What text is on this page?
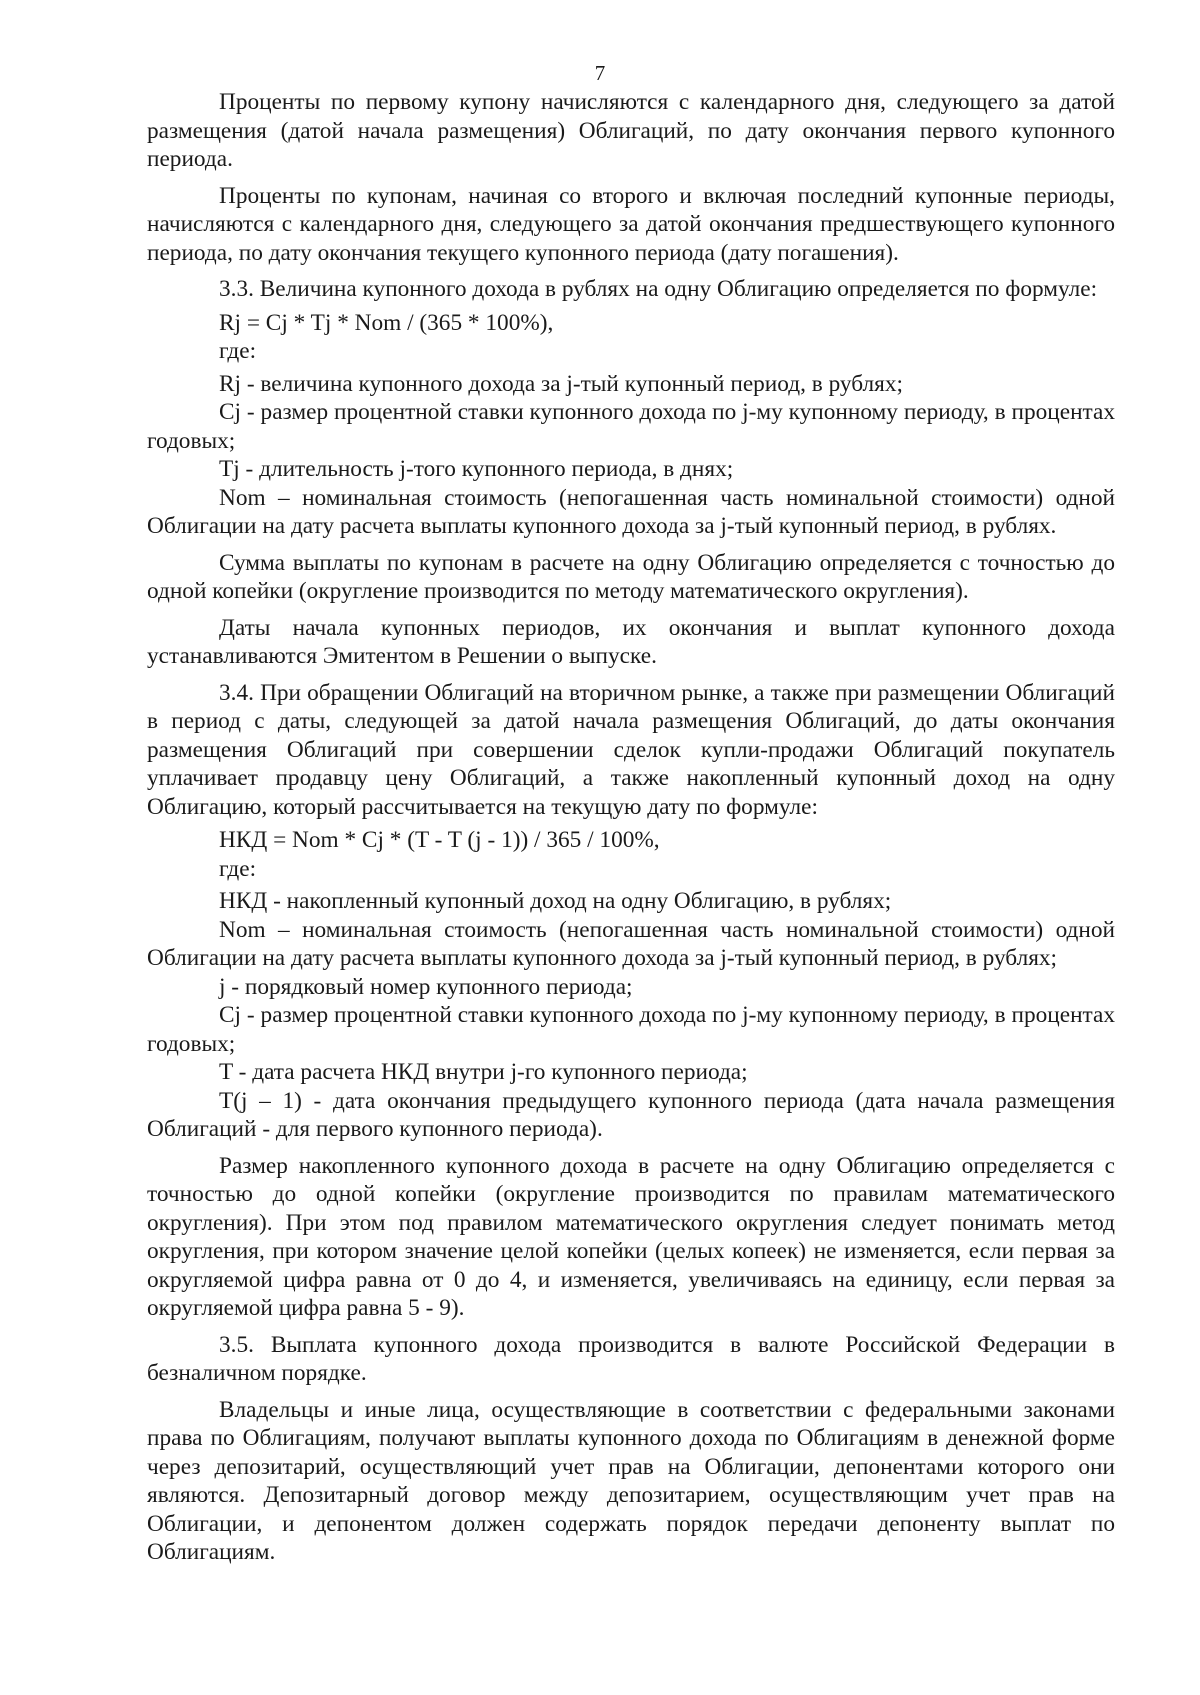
7

Проценты по первому купону начисляются с календарного дня, следующего за датой размещения (датой начала размещения) Облигаций, по дату окончания первого купонного периода.

Проценты по купонам, начиная со второго и включая последний купонные периоды, начисляются с календарного дня, следующего за датой окончания предшествующего купонного периода, по дату окончания текущего купонного периода (дату погашения).

3.3. Величина купонного дохода в рублях на одну Облигацию определяется по формуле:

Rj = Cj * Tj * Nom / (365 * 100%),

где:

Rj - величина купонного дохода за j-тый купонный период, в рублях;

Cj - размер процентной ставки купонного дохода по j-му купонному периоду, в процентах годовых;

Tj - длительность j-того купонного периода, в днях;

Nom – номинальная стоимость (непогашенная часть номинальной стоимости) одной Облигации на дату расчета выплаты купонного дохода за j-тый купонный период, в рублях.

Сумма выплаты по купонам в расчете на одну Облигацию определяется с точностью до одной копейки (округление производится по методу математического округления).

Даты начала купонных периодов, их окончания и выплат купонного дохода устанавливаются Эмитентом в Решении о выпуске.

3.4. При обращении Облигаций на вторичном рынке, а также при размещении Облигаций в период с даты, следующей за датой начала размещения Облигаций, до даты окончания размещения Облигаций при совершении сделок купли-продажи Облигаций покупатель уплачивает продавцу цену Облигаций, а также накопленный купонный доход на одну Облигацию, который рассчитывается на текущую дату по формуле:

НКД = Nom * Cj * (T - T (j - 1)) / 365 / 100%,

где:

НКД - накопленный купонный доход на одну Облигацию, в рублях;

Nom – номинальная стоимость (непогашенная часть номинальной стоимости) одной Облигации на дату расчета выплаты купонного дохода за j-тый купонный период, в рублях;

j - порядковый номер купонного периода;

Cj - размер процентной ставки купонного дохода по j-му купонному периоду, в процентах годовых;

T - дата расчета НКД внутри j-го купонного периода;

T(j – 1) - дата окончания предыдущего купонного периода (дата начала размещения Облигаций - для первого купонного периода).

Размер накопленного купонного дохода в расчете на одну Облигацию определяется с точностью до одной копейки (округление производится по правилам математического округления). При этом под правилом математического округления следует понимать метод округления, при котором значение целой копейки (целых копеек) не изменяется, если первая за округляемой цифра равна от 0 до 4, и изменяется, увеличиваясь на единицу, если первая за округляемой цифра равна 5 - 9).

3.5. Выплата купонного дохода производится в валюте Российской Федерации в безналичном порядке.

Владельцы и иные лица, осуществляющие в соответствии с федеральными законами права по Облигациям, получают выплаты купонного дохода по Облигациям в денежной форме через депозитарий, осуществляющий учет прав на Облигации, депонентами которого они являются. Депозитарный договор между депозитарием, осуществляющим учет прав на Облигации, и депонентом должен содержать порядок передачи депоненту выплат по Облигациям.
